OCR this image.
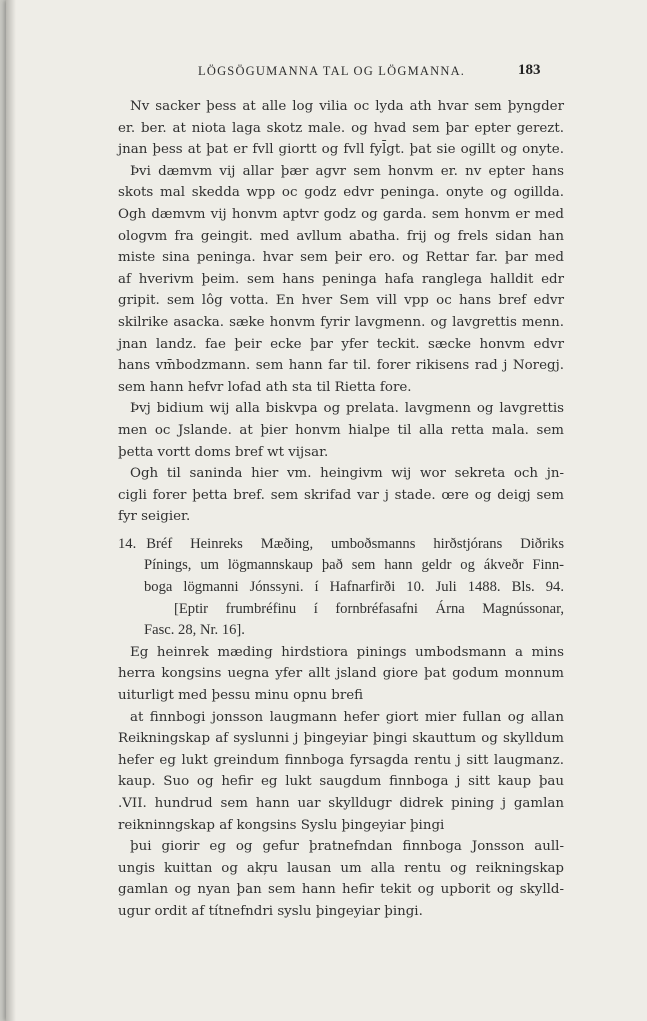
LÖGSÖGUMANNA TAL OG LÖGMANNA.	183
Nv sacker þess at alle log vilia oc lyda ath hvar sem þyngder
er. ber. at niota laga skotz male. og hvad sem þar epter gerezt.
jnan þess at þat er fvll giortt og fvll fyl̄gt. þat sie ogillt og onyte.
Þvi dæmvm vij allar þær agvr sem honvm er. nv epter hans
skots mal skedda wpp oc godz edvr peninga. onyte og ogillda.
Ogh dæmvm vij honvm aptvr godz og garda. sem honvm er med
ologvm fra geingit. med avllum abatha. frij og frels sidan han
miste sina peninga. hvar sem þeir ero. og Rettar far. þar med
af hverivm þeim. sem hans peninga hafa ranglega halldit edr
gripit. sem lôg votta. En hver Sem vill vpp oc hans bref edvr
skilrike asacka. sæke honvm fyrir lavgmenn. og lavgrettis menn.
jnan landz. fae þeir ecke þar yfer teckit. sæcke honvm edvr
hans vm̄bodzmann. sem hann far til. forer rikisens rad j Noregj.
sem hann hefvr lofad ath sta til Rietta fore.
Þvj bidium wij alla biskvpa og prelata. lavgmenn og lavgrettis
men oc Jslande. at þier honvm hialpe til alla retta mala. sem
þetta vortt doms bref wt vijsar.
Ogh til saninda hier vm. heingivm wij wor sekreta och jn-
cigli forer þetta bref. sem skrifad var j stade. œre og deigj sem
fyr seigier.
14. Bréf Heinreks Mæðing, umboðsmanns hirðstjórans Diðriks
Pínings, um lögmannskaup það sem hann geldr og ákveðr Finn-
boga lögmanni Jónssyni. í Hafnarfirði 10. Juli 1488. Bls. 94.
[Eptir frumbréfinu í fornbréfasafni Árna Magnússonar,
Fasc. 28, Nr. 16].
Eg heinrek mæding hirdstiora pinings umbodsmann a mins
herra kongsins uegna yfer allt jsland giore þat godum monnum
uiturligt med þessu minu opnu brefi
at finnbogi jonsson laugmann hefer giort mier fullan og allan
Reikningskap af syslunni j þingeyiar þingi skauttum og skylldum
hefer eg lukt greindum finnboga fyrsagda rentu j sitt laugmanz.
kaup. Suo og hefir eg lukt saugdum finnboga j sitt kaup þau
.VII. hundrud sem hann uar skylldugr didrek pining j gamlan
reikninngskap af kongsins Syslu þingeyiar þingi
þui giorir eg og gefur þratnefndan finnboga Jonsson aull-
ungis kuittan og akŗu lausan um alla rentu og reikningskap
gamlan og nyan þan sem hann hefir tekit og upborit og skylld-
ugur ordit af títnefndri syslu þingeyiar þingi.
